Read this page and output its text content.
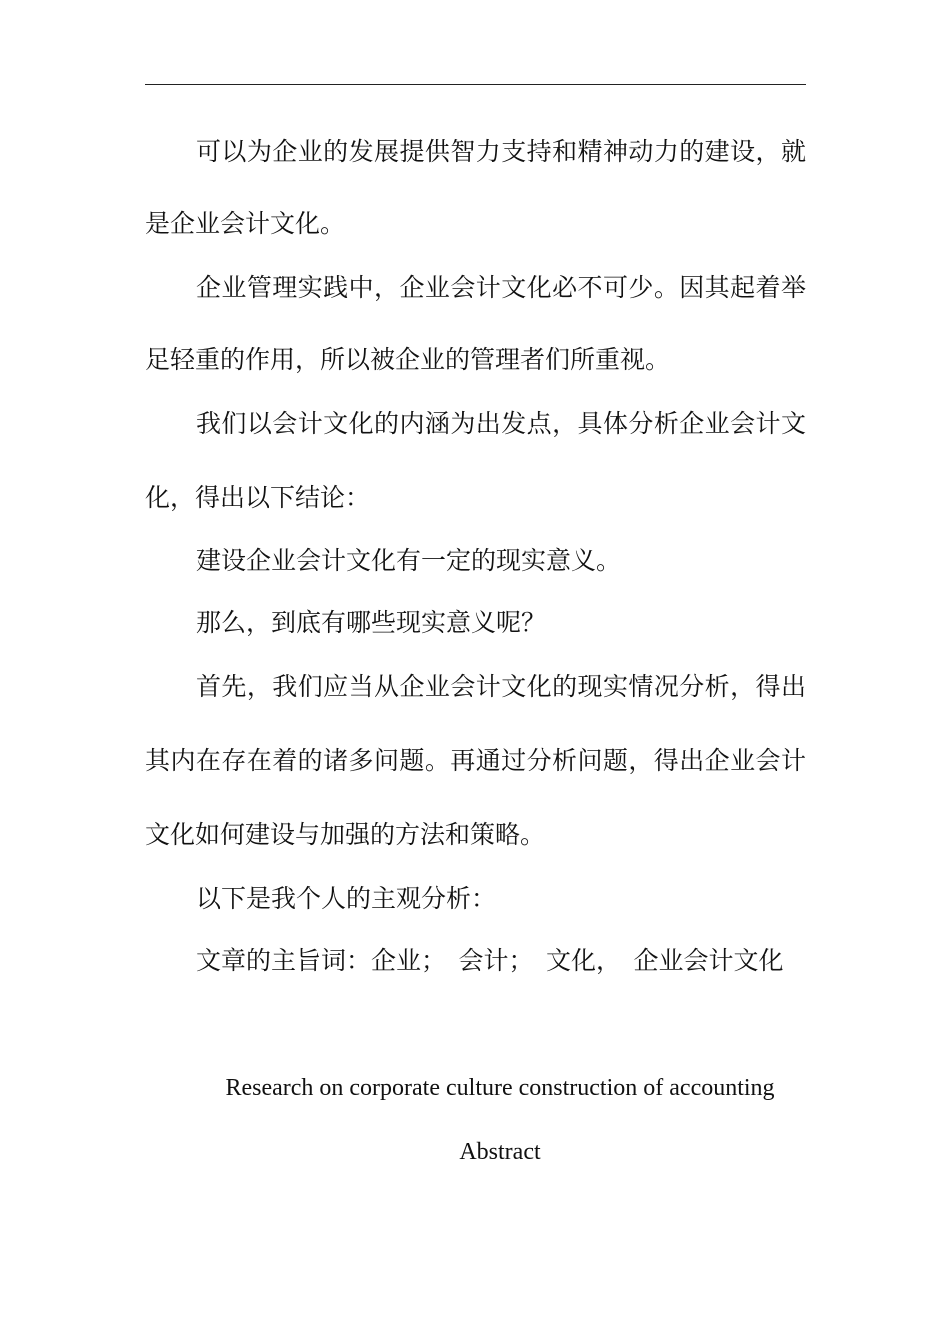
可以为企业的发展提供智力支持和精神动力的建设，就
是企业会计文化。
企业管理实践中，企业会计文化必不可少。因其起着举
足轻重的作用，所以被企业的管理者们所重视。
我们以会计文化的内涵为出发点，具体分析企业会计文
化，得出以下结论：
建设企业会计文化有一定的现实意义。
那么，到底有哪些现实意义呢？
首先，我们应当从企业会计文化的现实情况分析，得出
其内在存在着的诸多问题。再通过分析问题，得出企业会计
文化如何建设与加强的方法和策略。
以下是我个人的主观分析：
文章的主旨词：企业；　会计；　文化，　企业会计文化
Research on corporate culture construction of accounting
Abstract
